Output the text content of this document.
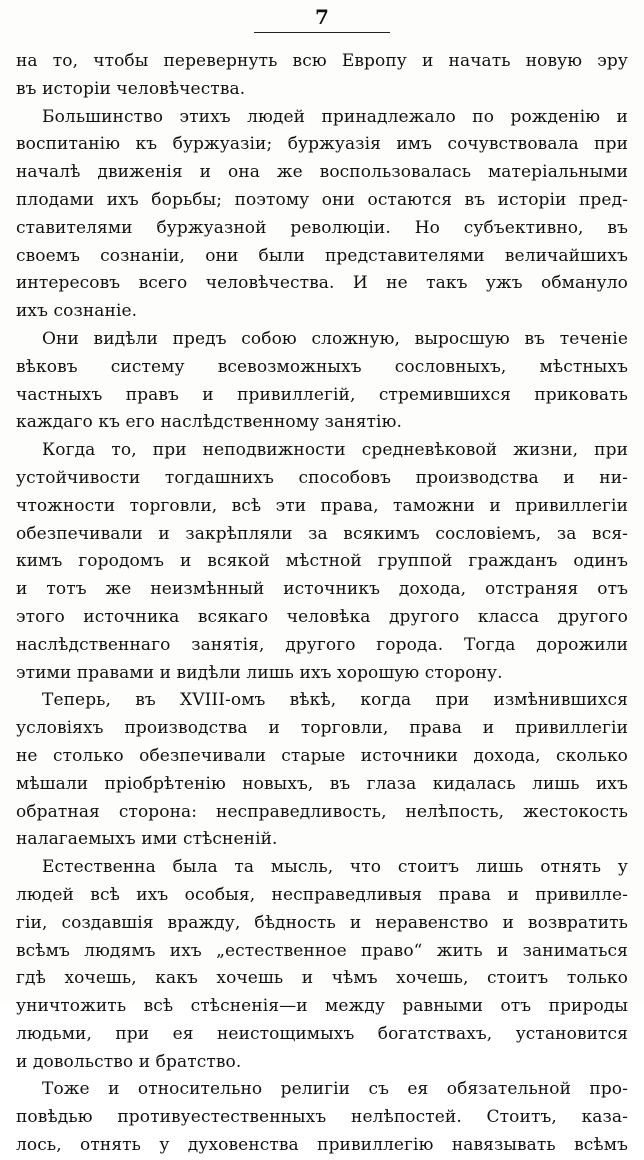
7
на то, чтобы перевернуть всю Европу и начать новую эру
въ исторіи человѣчества.
Большинство этихъ людей принадлежало по рожденію и
воспитанію къ буржуазіи; буржуазія имъ сочувствовала при
началѣ движенія и она же воспользовалась матеріальными
плодами ихъ борьбы; поэтому они остаются въ исторіи пред-
ставителями буржуазной революціи. Но субъективно, въ
своемъ сознаніи, они были представителями величайшихъ
интересовъ всего человѣчества. И не такъ ужъ обмануло
ихъ сознаніе.
Они видѣли предъ собою сложную, выросшую въ теченіе
вѣковъ систему всевозможныхъ сословныхъ, мѣстныхъ
частныхъ правъ и привиллегій, стремившихся приковать
каждаго къ его наслѣдственному занятію.
Когда то, при неподвижности средневѣковой жизни, при
устойчивости тогдашнихъ способовъ производства и ни-
чтожности торговли, всѣ эти права, таможни и привиллегіи
обезпечивали и закрѣпляли за всякимъ сословіемъ, за вся-
кимъ городомъ и всякой мѣстной группой гражданъ одинъ
и тотъ же неизмѣнный источникъ дохода, отстраняя отъ
этого источника всякаго человѣка другого класса другого
наслѣдственнаго занятія, другого города. Тогда дорожили
этими правами и видѣли лишь ихъ хорошую сторону.
Теперь, въ XVIII-омъ вѣкѣ, когда при измѣнившихся
условіяхъ производства и торговли, права и привиллегіи
не столько обезпечивали старые источники дохода, сколько
мѣшали пріобрѣтенію новыхъ, въ глаза кидалась лишь ихъ
обратная сторона: несправедливость, нелѣпость, жестокость
налагаемыхъ ими стѣсненій.
Естественна была та мысль, что стоитъ лишь отнять у
людей всѣ ихъ особыя, несправедливыя права и привилле-
гіи, создавшія вражду, бѣдность и неравенство и возвратить
всѣмъ людямъ ихъ „естественное право“ жить и заниматься
гдѣ хочешь, какъ хочешь и чѣмъ хочешь, стоитъ только
уничтожить всѣ стѣсненія—и между равными отъ природы
людьми, при ея неистощимыхъ богатствахъ, установится
и довольство и братство.
Тоже и относительно религіи съ ея обязательной про-
повѣдью противуестественныхъ нелѣпостей. Стоитъ, каза-
лось, отнять у духовенства привиллегію навязывать всѣмъ
